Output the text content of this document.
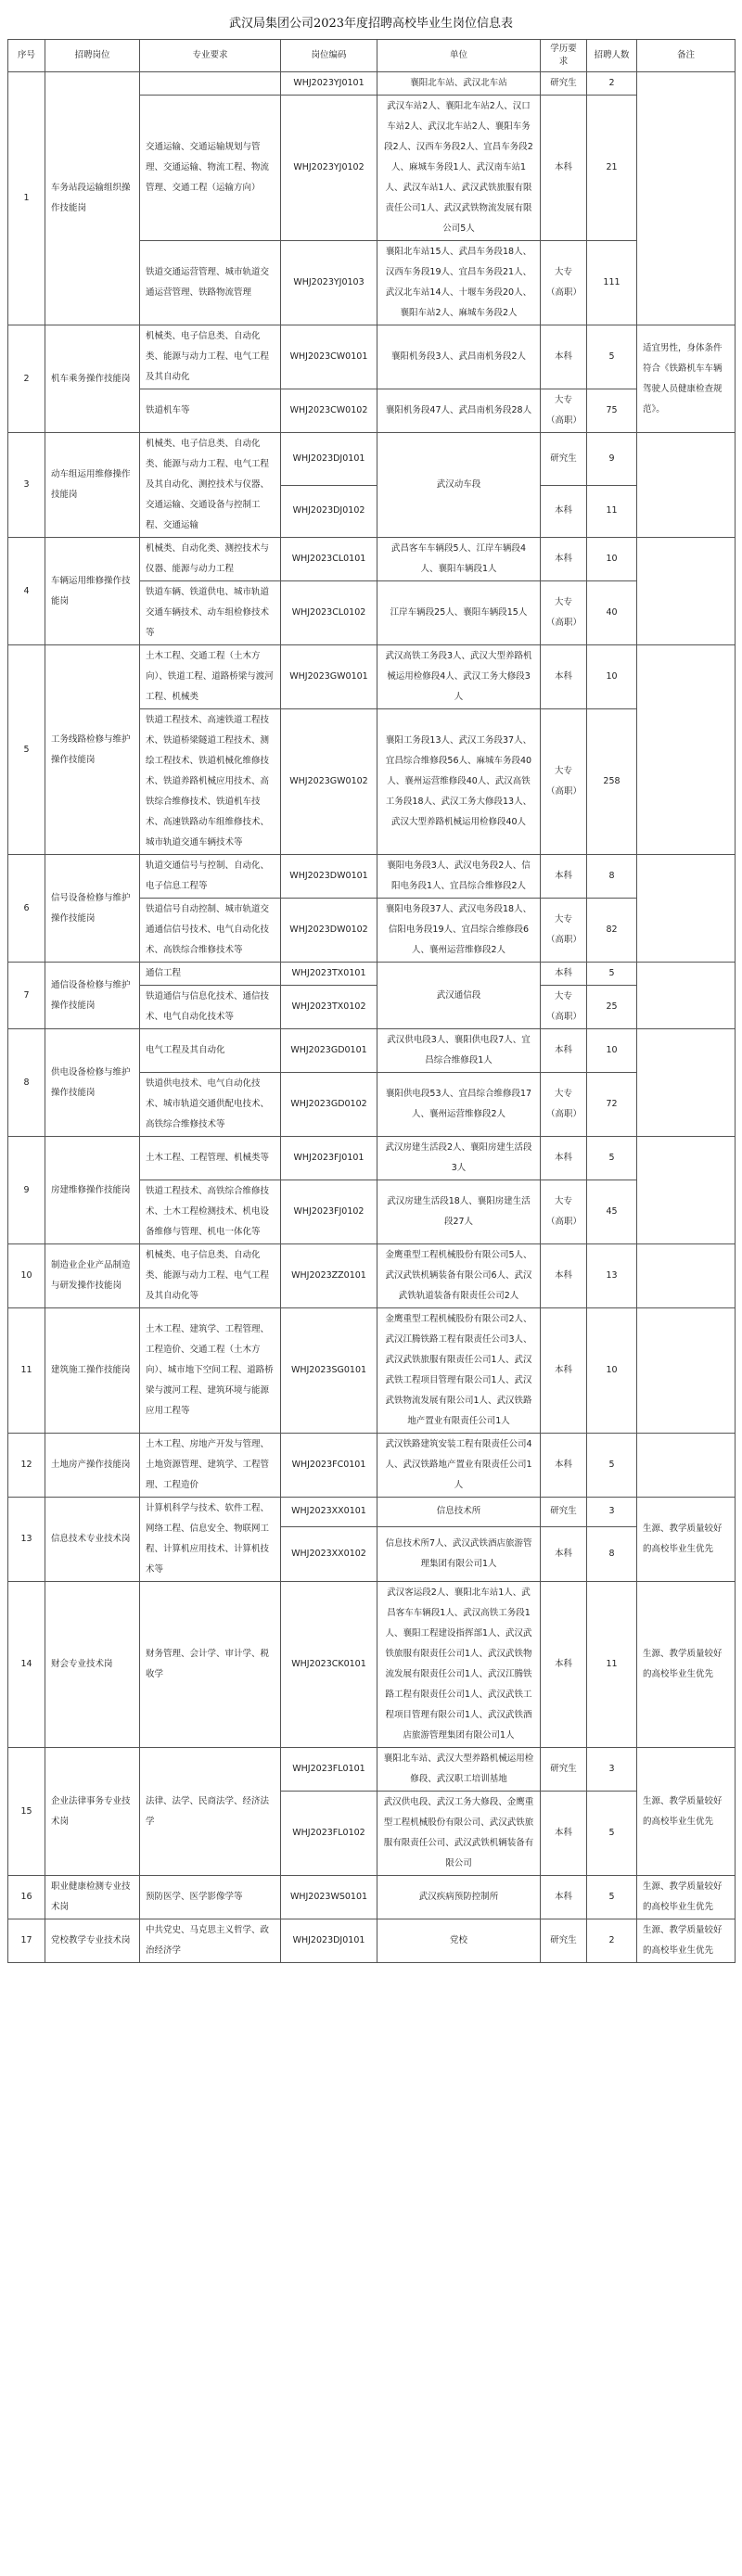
武汉局集团公司2023年度招聘高校毕业生岗位信息表
序号	招聘岗位	专业要求	岗位编码	单位	学历要求	招聘人数	备注
1	车务站段运输组织操作技能岗		WHJ2023YJ0101	襄阳北车站、武汉北车站	研究生	2	
		交通运输、交通运输规划与管理、交通运输、物流工程、物流管理、交通工程（运输方向）	WHJ2023YJ0102	武汉车站2人、襄阳北车站2人、汉口车站2人、武汉北车站2人、襄阳车务段2人、汉西车务段2人、宜昌车务段2人、麻城车务段1人、武汉南车站1人、武汉车站1人、武汉武铁旅服有限责任公司1人、武汉武铁物流发展有限公司5人	本科	21	
		铁道交通运营管理、城市轨道交通运营管理、铁路物流管理	WHJ2023YJ0103	襄阳北车站15人、武昌车务段18人、汉西车务段19人、宜昌车务段21人、武汉北车站14人、十堰车务段20人、襄阳车站2人、麻城车务段2人	大专（高职）	111	
2	机车乘务操作技能岗	机械类、电子信息类、自动化类、能源与动力工程、电气工程及其自动化	WHJ2023CW0101	襄阳机务段3人、武昌南机务段2人	本科	5	适宜男性，身体条件符合《铁路机车车辆驾驶人员健康检查规范》。
		铁道机车等	WHJ2023CW0102	襄阳机务段47人、武昌南机务段28人	大专（高职）	75	
3	动车组运用维修操作技能岗	机械类、电子信息类、自动化类、能源与动力工程、电气工程及其自动化、测控技术与仪器、交通运输、交通设备与控制工程、交通运输	WHJ2023DJ0101	武汉动车段	研究生	9	
			WHJ2023DJ0102		本科	11	
4	车辆运用维修操作技能岗	机械类、自动化类、测控技术与仪器、能源与动力工程	WHJ2023CL0101	武昌客车车辆段5人、江岸车辆段4人、襄阳车辆段1人	本科	10	
		铁道车辆、铁道供电、城市轨道交通车辆技术、动车组检修技术等	WHJ2023CL0102	江岸车辆段25人、襄阳车辆段15人	大专（高职）	40	
5	工务线路检修与维护操作技能岗	土木工程、交通工程（土木方向）、铁道工程、道路桥梁与渡河工程、机械类	WHJ2023GW0101	武汉高铁工务段3人、武汉大型养路机械运用检修段4人、武汉工务大修段3人	本科	10	
		铁道工程技术、高速铁道工程技术、铁道桥梁隧道工程技术、测绘工程技术、铁道机械化维修技术、铁道养路机械应用技术、高铁综合维修技术、铁道机车技术、高速铁路动车组维修技术、城市轨道交通车辆技术等	WHJ2023GW0102	襄阳工务段13人、武汉工务段37人、宜昌综合维修段56人、麻城车务段40人、襄州运营维修段40人、武汉高铁工务段18人、武汉工务大修段13人、武汉大型养路机械运用检修段40人	大专（高职）	258	
6	信号设备检修与维护操作技能岗	轨道交通信号与控制、自动化、电子信息工程等	WHJ2023DW0101	襄阳电务段3人、武汉电务段2人、信阳电务段1人、宜昌综合维修段2人	本科	8	
		铁道信号自动控制、城市轨道交通通信信号技术、电气自动化技术、高铁综合维修技术等	WHJ2023DW0102	襄阳电务段37人、武汉电务段18人、信阳电务段19人、宜昌综合维修段6人、襄州运营维修段2人	大专（高职）	82	
7	通信设备检修与维护操作技能岗	通信工程	WHJ2023TX0101	武汉通信段	本科	5	
		铁道通信与信息化技术、通信技术、电气自动化技术等	WHJ2023TX0102		大专（高职）	25	
8	供电设备检修与维护操作技能岗	电气工程及其自动化	WHJ2023GD0101	武汉供电段3人、襄阳供电段7人、宜昌综合维修段1人	本科	10	
		铁道供电技术、电气自动化技术、城市轨道交通供配电技术、高铁综合维修技术等	WHJ2023GD0102	襄阳供电段53人、宜昌综合维修段17人、襄州运营维修段2人	大专（高职）	72	
9	房建维修操作技能岗	土木工程、工程管理、机械类等	WHJ2023FJ0101	武汉房建生活段2人、襄阳房建生活段3人	本科	5	
		铁道工程技术、高铁综合维修技术、土木工程检测技术、机电设备维修与管理、机电一体化等	WHJ2023FJ0102	武汉房建生活段18人、襄阳房建生活段27人	大专（高职）	45	
10	制造业企业产品制造与研发操作技能岗	机械类、电子信息类、自动化类、能源与动力工程、电气工程及其自动化等	WHJ2023ZZ0101	金鹰重型工程机械股份有限公司5人、武汉武铁机辆装备有限公司6人、武汉武铁轨道装备有限责任公司2人	本科	13	
11	建筑施工操作技能岗	土木工程、建筑学、工程管理、工程造价、交通工程（土木方向）、城市地下空间工程、道路桥梁与渡河工程、建筑环境与能源应用工程等	WHJ2023SG0101	金鹰重型工程机械股份有限公司2人、武汉江腾铁路工程有限责任公司3人、武汉武铁旅服有限责任公司1人、武汉武铁工程项目管理有限公司1人、武汉武铁物流发展有限公司1人、武汉铁路地产置业有限责任公司1人	本科	10	
12	土地房产操作技能岗	土木工程、房地产开发与管理、土地资源管理、建筑学、工程管理、工程造价	WHJ2023FC0101	武汉铁路建筑安装工程有限责任公司4人、武汉铁路地产置业有限责任公司1人	本科	5	
13	信息技术专业技术岗	计算机科学与技术、软件工程、网络工程、信息安全、物联网工程、计算机应用技术、计算机技术等	WHJ2023XX0101	信息技术所	研究生	3	生源、教学质量较好的高校毕业生优先
			WHJ2023XX0102	信息技术所7人、武汉武铁酒店旅游管理集团有限公司1人	本科	8	
14	财会专业技术岗	财务管理、会计学、审计学、税收学	WHJ2023CK0101	武汉客运段2人、襄阳北车站1人、武昌客车车辆段1人、武汉高铁工务段1人、襄阳工程建设指挥部1人、武汉武铁旅服有限责任公司1人、武汉武铁物流发展有限责任公司1人、武汉江腾铁路工程有限责任公司1人、武汉武铁工程项目管理有限公司1人、武汉武铁酒店旅游管理集团有限公司1人	本科	11	生源、教学质量较好的高校毕业生优先
15	企业法律事务专业技术岗	法律、法学、民商法学、经济法学	WHJ2023FL0101	襄阳北车站、武汉大型养路机械运用检修段、武汉职工培训基地	研究生	3	生源、教学质量较好的高校毕业生优先
			WHJ2023FL0102	武汉供电段、武汉工务大修段、金鹰重型工程机械股份有限公司、武汉武铁旅服有限责任公司、武汉武铁机辆装备有限公司	本科	5	
16	职业健康检测专业技术岗	预防医学、医学影像学等	WHJ2023WS0101	武汉疾病预防控制所	本科	5	生源、教学质量较好的高校毕业生优先
17	党校教学专业技术岗	中共党史、马克思主义哲学、政治经济学	WHJ2023DJ0101	党校	研究生	2	生源、教学质量较好的高校毕业生优先
